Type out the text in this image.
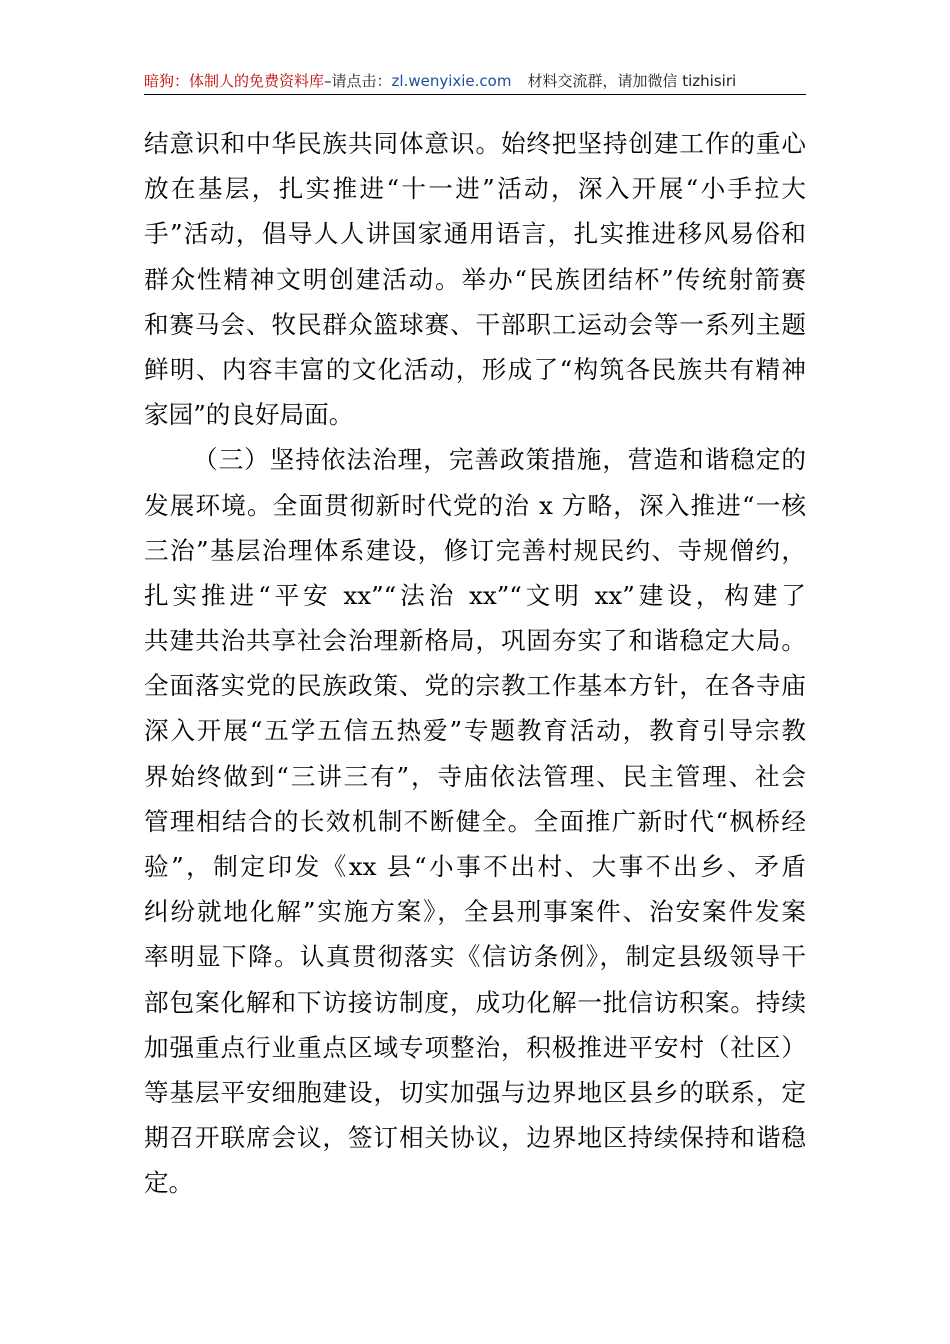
暗狗：体制人的免费资料库–请点击：zl.wenyixie.com 材料交流群，请加微信 tizhisiri
结意识和中华民族共同体意识。始终把坚持创建工作的重心
放在基层，扎实推进“十一进”活动，深入开展“小手拉大
手”活动，倡导人人讲国家通用语言，扎实推进移风易俗和
群众性精神文明创建活动。举办“民族团结杯”传统射箭赛
和赛马会、牧民群众篮球赛、干部职工运动会等一系列主题
鲜明、内容丰富的文化活动，形成了“构筑各民族共有精神
家园”的良好局面。
（三）坚持依法治理，完善政策措施，营造和谐稳定的
发展环境。全面贯彻新时代党的治 x 方略，深入推进“一核
三治”基层治理体系建设，修订完善村规民约、寺规僧约，
扎实推进“平安 xx”“法治 xx”“文明 xx”建设，构建了
共建共治共享社会治理新格局，巩固夯实了和谐稳定大局。
全面落实党的民族政策、党的宗教工作基本方针，在各寺庙
深入开展“五学五信五热爱”专题教育活动，教育引导宗教
界始终做到“三讲三有”，寺庙依法管理、民主管理、社会
管理相结合的长效机制不断健全。全面推广新时代“枫桥经
验”，制定印发《xx 县“小事不出村、大事不出乡、矛盾
纠纷就地化解”实施方案》，全县刑事案件、治安案件发案
率明显下降。认真贯彻落实《信访条例》，制定县级领导干
部包案化解和下访接访制度，成功化解一批信访积案。持续
加强重点行业重点区域专项整治，积极推进平安村（社区）
等基层平安细胞建设，切实加强与边界地区县乡的联系，定
期召开联席会议，签订相关协议，边界地区持续保持和谐稳
定。
